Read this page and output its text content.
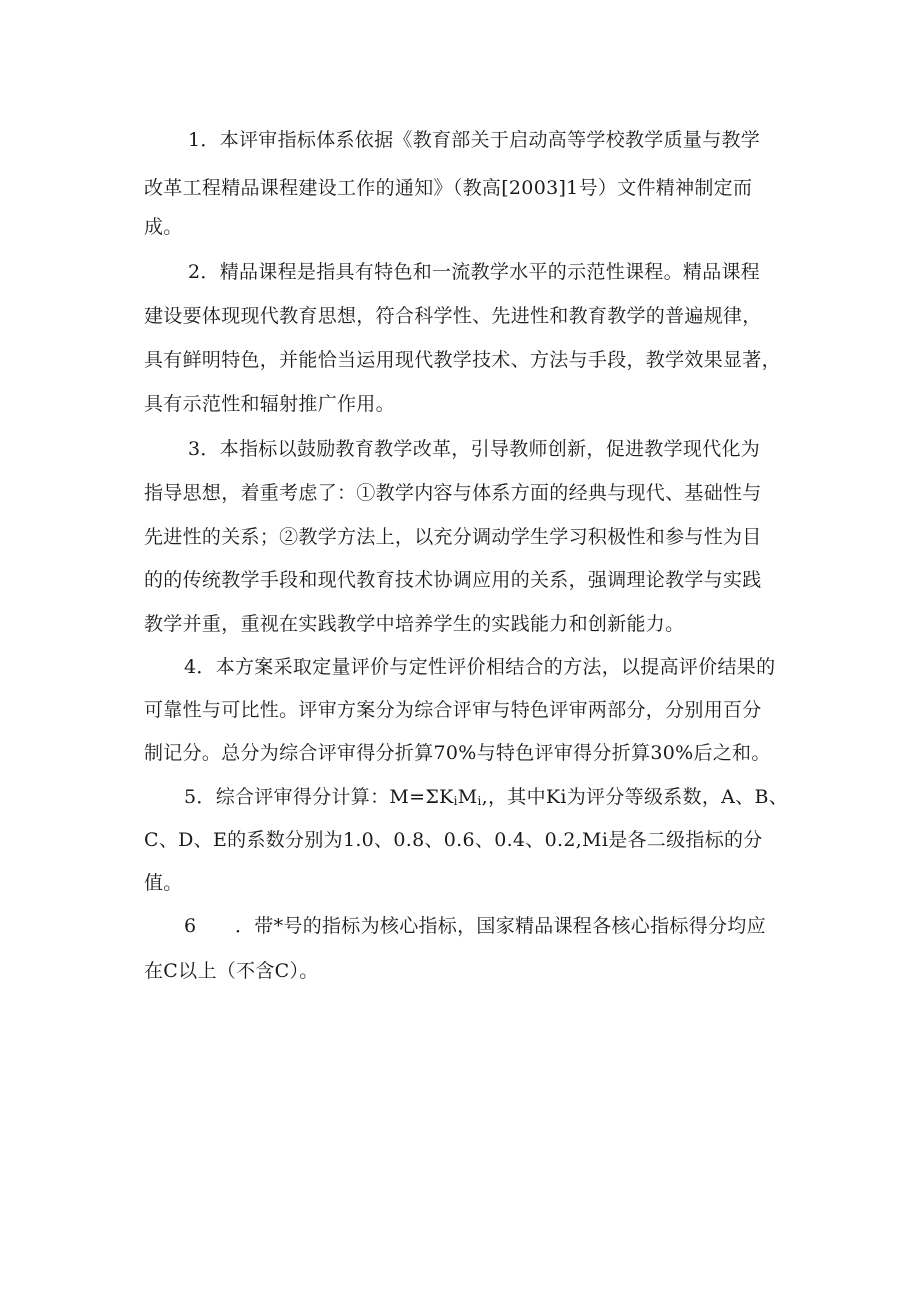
1．本评审指标体系依据《教育部关于启动高等学校教学质量与教学
改革工程精品课程建设工作的通知》（教高[2003]1号）文件精神制定而
成。
2．精品课程是指具有特色和一流教学水平的示范性课程。精品课程
建设要体现现代教育思想，符合科学性、先进性和教育教学的普遍规律，
具有鲜明特色，并能恰当运用现代教学技术、方法与手段，教学效果显著，
具有示范性和辐射推广作用。
3．本指标以鼓励教育教学改革，引导教师创新，促进教学现代化为
指导思想，着重考虑了：①教学内容与体系方面的经典与现代、基础性与
先进性的关系；②教学方法上，以充分调动学生学习积极性和参与性为目
的的传统教学手段和现代教育技术协调应用的关系，强调理论教学与实践
教学并重，重视在实践教学中培养学生的实践能力和创新能力。
4．本方案采取定量评价与定性评价相结合的方法，以提高评价结果的
可靠性与可比性。评审方案分为综合评审与特色评审两部分，分别用百分
制记分。总分为综合评审得分折算70%与特色评审得分折算30%后之和。
5．综合评审得分计算：M=ΣKiMi,，其中Ki为评分等级系数，A、B、
C、D、E的系数分别为1.0、0.8、0.6、0.4、0.2,Mi是各二级指标的分
值。
6　　．带*号的指标为核心指标，国家精品课程各核心指标得分均应
在C以上（不含C）。
